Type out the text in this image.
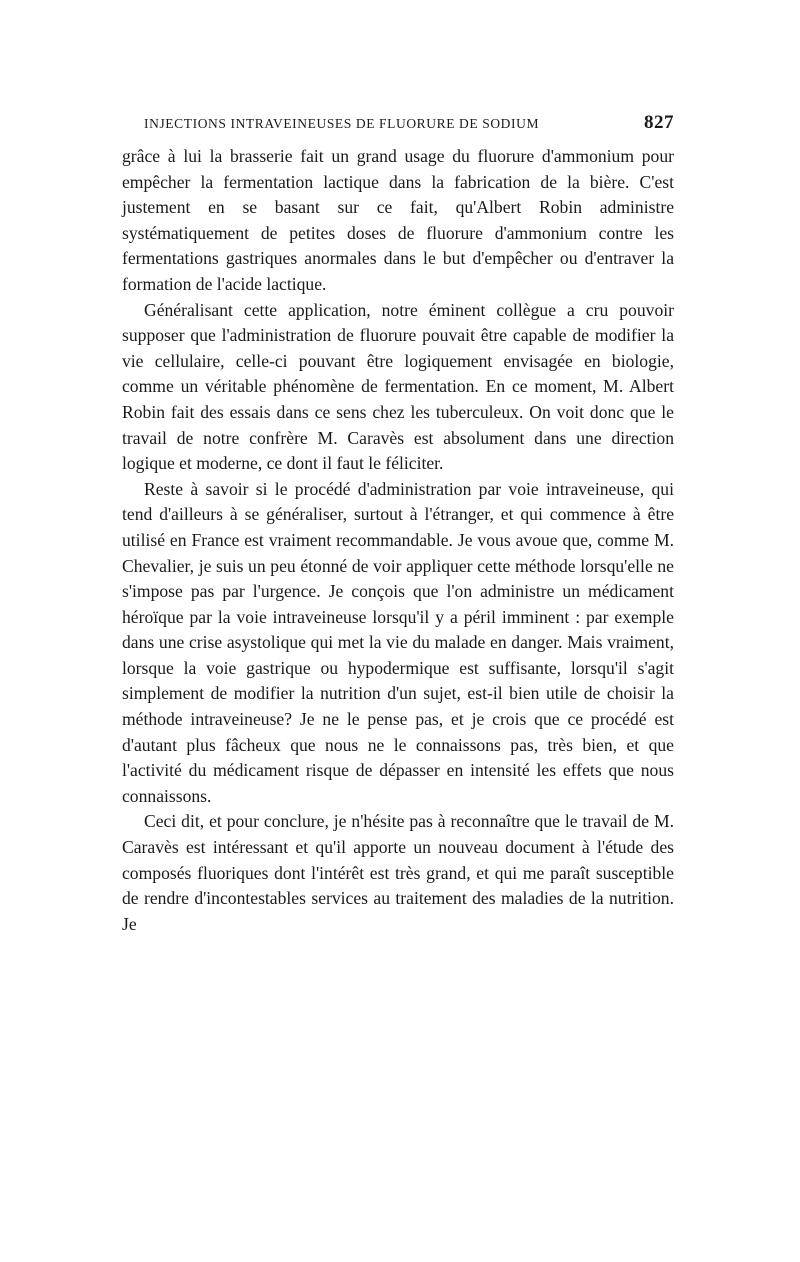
INJECTIONS INTRAVEINEUSES DE FLUORURE DE SODIUM	827

grâce à lui la brasserie fait un grand usage du fluorure d'ammonium pour empêcher la fermentation lactique dans la fabrication de la bière. C'est justement en se basant sur ce fait, qu'Albert Robin administre systématiquement de petites doses de fluorure d'ammonium contre les fermentations gastriques anormales dans le but d'empêcher ou d'entraver la formation de l'acide lactique.

Généralisant cette application, notre éminent collègue a cru pouvoir supposer que l'administration de fluorure pouvait être capable de modifier la vie cellulaire, celle-ci pouvant être logiquement envisagée en biologie, comme un véritable phénomène de fermentation. En ce moment, M. Albert Robin fait des essais dans ce sens chez les tuberculeux. On voit donc que le travail de notre confrère M. Caravès est absolument dans une direction logique et moderne, ce dont il faut le féliciter.

Reste à savoir si le procédé d'administration par voie intraveineuse, qui tend d'ailleurs à se généraliser, surtout à l'étranger, et qui commence à être utilisé en France est vraiment recommandable. Je vous avoue que, comme M. Chevalier, je suis un peu étonné de voir appliquer cette méthode lorsqu'elle ne s'impose pas par l'urgence. Je conçois que l'on administre un médicament héroïque par la voie intraveineuse lorsqu'il y a péril imminent : par exemple dans une crise asystolique qui met la vie du malade en danger. Mais vraiment, lorsque la voie gastrique ou hypodermique est suffisante, lorsqu'il s'agit simplement de modifier la nutrition d'un sujet, est-il bien utile de choisir la méthode intraveineuse? Je ne le pense pas, et je crois que ce procédé est d'autant plus fâcheux que nous ne le connaissons pas, très bien, et que l'activité du médicament risque de dépasser en intensité les effets que nous connaissons.

Ceci dit, et pour conclure, je n'hésite pas à reconnaître que le travail de M. Caravès est intéressant et qu'il apporte un nouveau document à l'étude des composés fluoriques dont l'intérêt est très grand, et qui me paraît susceptible de rendre d'incontestables services au traitement des maladies de la nutrition. Je
